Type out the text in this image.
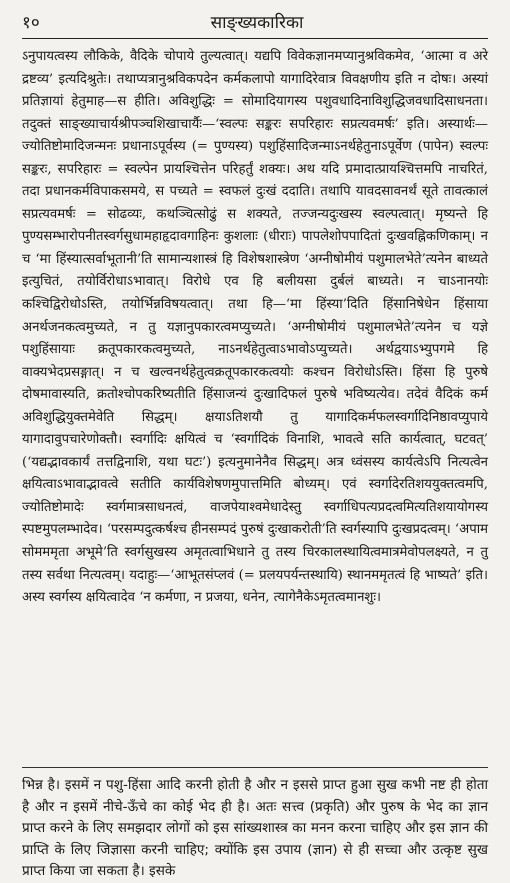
१०	साङ्ख्यकारिका

ऽनुपायत्वस्य लौकिके, वैदिके चोपाये तुल्यत्वात्। यद्यपि विवेकज्ञानमप्यानुश्रविकमेव, ‘आत्मा व अरे द्रष्टव्य’ इत्यदिश्रुतेः। तथाप्यत्रानुश्रविकपदेन कर्मकलापो यागादिरेवात्र विवक्षणीय इति न दोषः। अस्यां प्रतिज्ञायां हेतुमाह—स हीति। अविशुद्धिः = सोमादियागस्य पशुवधादिनाविशुद्धिजवधादिसाधनता। तदुक्तं साङ्ख्याचार्यश्रीपञ्चशिखाचार्यैः—‘स्वल्पः सङ्करः सपरिहारः सप्रत्यवमर्षः’ इति। अस्यार्थः—ज्योतिष्टोमादिजन्मनः प्रधानाऽपूर्वस्य (= पुण्यस्य) पशुहिंसादिजन्माऽनर्थहेतुनाऽपूर्वेण (पापेन) स्वल्पः सङ्करः, सपरिहारः = स्वल्पेन प्रायश्चित्तेन परिहर्तुं शक्यः। अथ यदि प्रमादात्प्रायश्चित्तमपि नाचरितं, तदा प्रधानकर्मविपाकसमये, स पच्यते = स्वफलं दुःखं ददाति। तथापि यावदसावनर्थं सूते तावत्कालं सप्रत्यवमर्षः = सोढव्यः, कथञ्चित्सोढुं स शक्यते, तज्जन्यदुःखस्य स्वल्पत्वात्। मृष्यन्ते हि पुण्यसम्भारोपनीतस्वर्गसुधामहाहृदावगाहिनः कुशलाः (धीराः) पापलेशोपपादितां दुःखवह्निकणिकाम्। न च ‘मा हिंस्यात्सर्वाभूतानी’ति सामान्यशास्त्रं हि विशेषशास्त्रेण ‘अग्नीषोमीयं पशुमालभेते’त्यनेन बाध्यते इत्युचितं, तयोर्विरोधाऽभावात्। विरोधे एव हि बलीयसा दुर्बलं बाध्यते। न चाऽनानयोः कश्चिद्विरोधोऽस्ति, तयोर्भिन्नविषयत्वात्। तथा हि—‘मा हिंस्या’दिति हिंसानिषेधेन हिंसाया अनर्थजनकत्वमुच्यते, न तु यज्ञानुपकारत्वमप्युच्यते। ‘अग्नीषोमीयं पशुमालभेते’त्यनेन च यज्ञे पशुहिंसायाः क्रतूपकारकत्वमुच्यते, नाऽनर्थहेतुत्वाऽभावोऽप्युच्यते। अर्थद्वयाऽभ्युपगमे हि वाक्यभेदप्रसङ्गात्। न च खल्वनर्थहेतुत्वक्रतूपकारकत्वयोः कश्चन विरोधोऽस्ति। हिंसा हि पुरुषे दोषमावास्यति, क्रतोश्चोपकरिष्यतीति हिंसाजन्यं दुःखादिफलं पुरुषे भविष्यत्येव। तदेवं वैदिकं कर्म अविशुद्धियुक्तमेवेति सिद्धम्। क्षयाऽतिशयौ तु यागादिकर्मफलस्वर्गादिनिष्ठावप्युपाये यागादावुपचारेणोक्तौ। स्वर्गादिः क्षयित्वं च ‘स्वर्गादिकं विनाशि, भावत्वे सति कार्यत्वात्, घटवत्’ (‘यद्यद्भावकार्यं तत्तद्विनाशि, यथा घटः’) इत्यनुमानेनैव सिद्धम्। अत्र ध्वंसस्य कार्यत्वेऽपि नित्यत्वेन क्षयित्वाऽभावाद्भावत्वे सतीति कार्यविशेषणमुपात्तमिति बोध्यम्। एवं स्वर्गादेरतिशययुक्तत्वमपि, ज्योतिष्टोमादेः स्वर्गमात्रसाधनत्वं, वाजपेयाश्वमेधादेस्तु स्वर्गाधिपत्यप्रदत्वमित्यतिशयायोगस्य स्पष्टमुपलम्भादेव। ‘परसम्पदुत्कर्षश्च हीनसम्पदं पुरुषं दुःखाकरोती’ति स्वर्गस्यापि दुःखप्रदत्वम्। ‘अपाम सोमममृता अभूमे’ति स्वर्गसुखस्य अमृतत्वाभिधाने तु तस्य चिरकालस्थायित्वमात्रमेवोपलक्ष्यते, न तु तस्य सर्वथा नित्यत्वम्। यदाहुः—‘आभूतसंप्लवं (= प्रलयपर्यन्तस्थायि) स्थानममृतत्वं हि भाष्यते’ इति। अस्य स्वर्गस्य क्षयित्वादेव ‘न कर्मणा, न प्रजया, धनेन, त्यागेनैकेऽमृतत्वमानशुः।

भिन्न है। इसमें न पशु-हिंसा आदि करनी होती है और न इससे प्राप्त हुआ सुख कभी नष्ट ही होता है और न इसमें नीचे-ऊँचे का कोई भेद ही है। अतः सत्त्व (प्रकृति) और पुरुष के भेद का ज्ञान प्राप्त करने के लिए समझदार लोगों को इस सांख्यशास्त्र का मनन करना चाहिए और इस ज्ञान की प्राप्ति के लिए जिज्ञासा करनी चाहिए; क्योंकि इस उपाय (ज्ञान) से ही सच्चा और उत्कृष्ट सुख प्राप्त किया जा सकता है। इसके
